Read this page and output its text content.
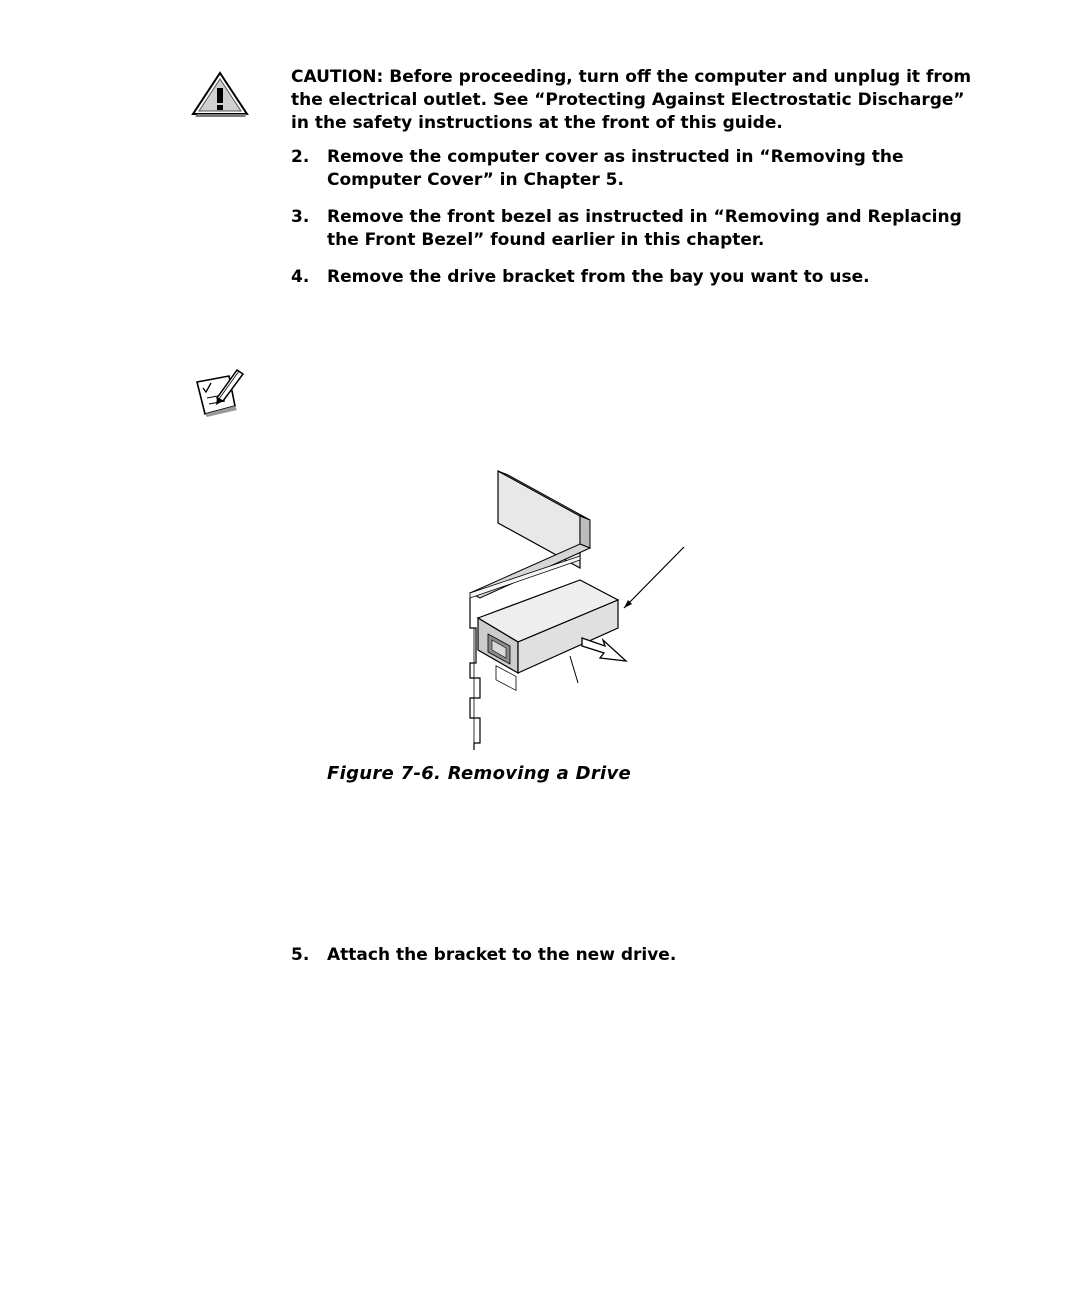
CAUTION: Before proceeding, turn off the computer and unplug it from the electrical outlet. See “Protecting Against Electrostatic Discharge” in the safety instructions at the front of this guide.
2.	Remove the computer cover as instructed in “Removing the Computer Cover” in Chapter 5.
3.	Remove the front bezel as instructed in “Removing and Replacing the Front Bezel” found earlier in this chapter.
4.	Remove the drive bracket from the bay you want to use.
Figure 7-6. Removing a Drive
5.	Attach the bracket to the new drive.
